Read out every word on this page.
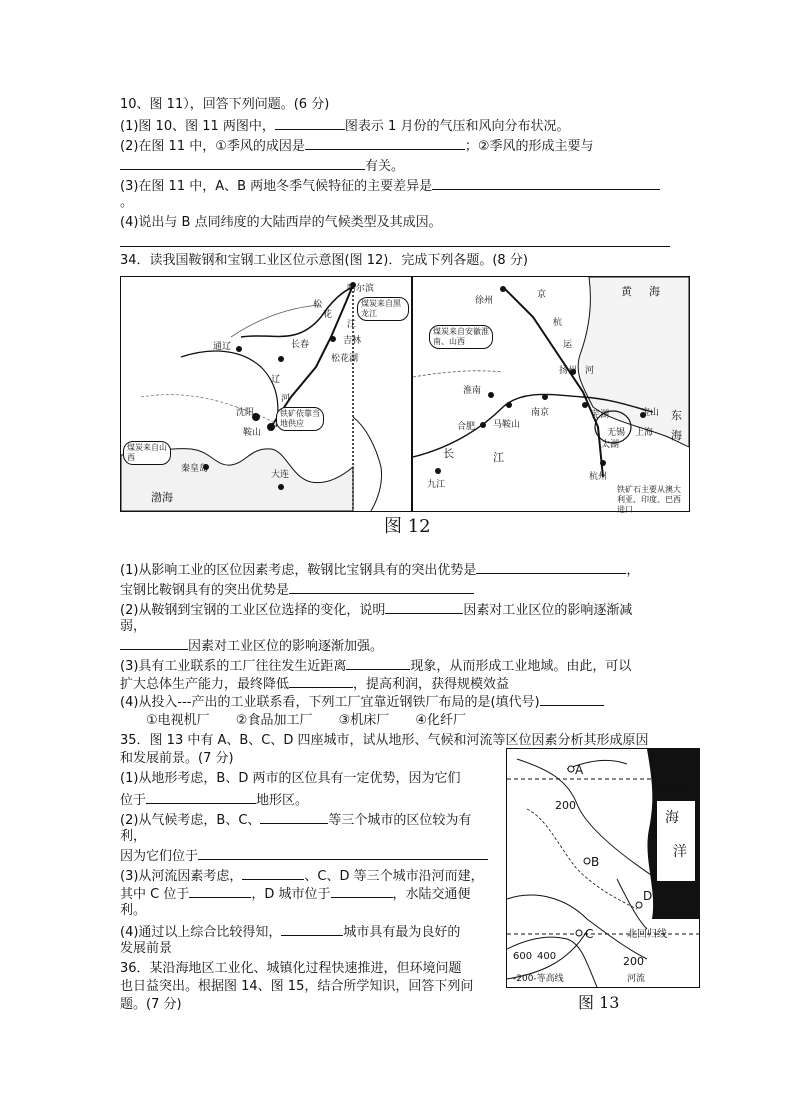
10、图 11），回答下列问题。(6 分)
(1)图 10、图 11 两图中，	图表示 1 月份的气压和风向分布状况。
(2)在图 11 中，①季风的成因是	；②季风的形成主要与
有关。
(3)在图 11 中，A、B 两地冬季气候特征的主要差异是
。
(4)说出与 B 点同纬度的大陆西岸的气候类型及其成因。
34．读我国鞍钢和宝钢工业区位示意图(图 12)．完成下列各题。(8 分)
哈尔滨
松
花
江
长春	吉林
松花湖
通辽
辽
沈阳
鞍山
大连
秦皇岛
渤海
河
煤炭来自黑龙江
铁矿依靠当地供应
煤炭来自山西
黄 海
徐州
京
杭
运
河
扬州
淮南
合肥 马鞍山
南京	芜湖
无锡
太湖
上海
宝山
杭州
九江
长	江
东
海
煤炭来自安徽淮南、山西
铁矿石主要从澳大利亚、印度、巴西进口
图 12
(1)从影响工业的区位因素考虑，鞍钢比宝钢具有的突出优势是	，
宝钢比鞍钢具有的突出优势是
(2)从鞍钢到宝钢的工业区位选择的变化，说明	因素对工业区位的影响逐渐减
弱，
因素对工业区位的影响逐渐加强。
(3)具有工业联系的工厂往往发生近距离	现象，从而形成工业地域。由此，可以
扩大总体生产能力，最终降低	，提高利润，获得规模效益
(4)从投入---产出的工业联系看，下列工厂宜靠近钢铁厂布局的是(填代号)
①电视机厂 ②食品加工厂 ③机床厂 ④化纤厂
35．图 13 中有 A、B、C、D 四座城市，试从地形、气候和河流等区位因素分析其形成原因
和发展前景。(7 分)
(1)从地形考虑，B、D 两市的区位具有一定优势，因为它们
位于	地形区。
(2)从气候考虑，B、C、	等三个城市的区位较为有
利，
因为它们位于
(3)从河流因素考虑，	、C、D 等三个城市沿河而建，
其中 C 位于	，D 城市位于	，水陆交通便
利。
(4)通过以上综合比较得知，	城市具有最为良好的
发展前景
A
B
C
D
北极圈
海
洋
北回归线
200
200
600 400
-200-等高线	河流
图 13
36．某沿海地区工业化、城镇化过程快速推进，但环境问题
也日益突出。根据图 14、图 15，结合所学知识，回答下列问
题。(7 分)
